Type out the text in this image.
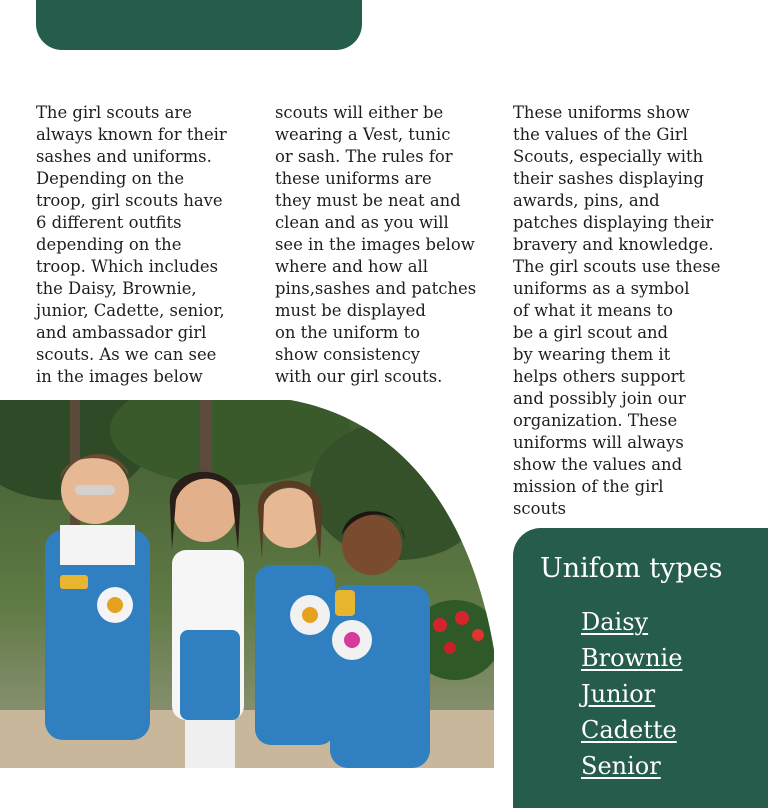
The girl scouts are
always known for their
sashes and uniforms.
Depending on the
troop, girl scouts have
6 different outfits
depending on the
troop. Which includes
the Daisy, Brownie,
junior, Cadette, senior,
and ambassador girl
scouts. As we can see
in the images below
scouts will either be
wearing a Vest, tunic
or sash. The rules for
these uniforms are
they must be neat and
clean and as you will
see in the images below
where and how all
pins,sashes and patches
must be displayed
on the uniform to
show consistency
with our girl scouts.
These uniforms show
the values of the Girl
Scouts, especially with
their sashes displaying
awards, pins, and
patches displaying their
bravery and knowledge.
The girl scouts use these
uniforms as a symbol
of what it means to
be a girl scout and
by wearing them it
helps others support
and possibly join our
organization. These
uniforms will always
show the values and
mission of the girl
scouts
Unifom types
Daisy
Brownie
Junior
Cadette
Senior
